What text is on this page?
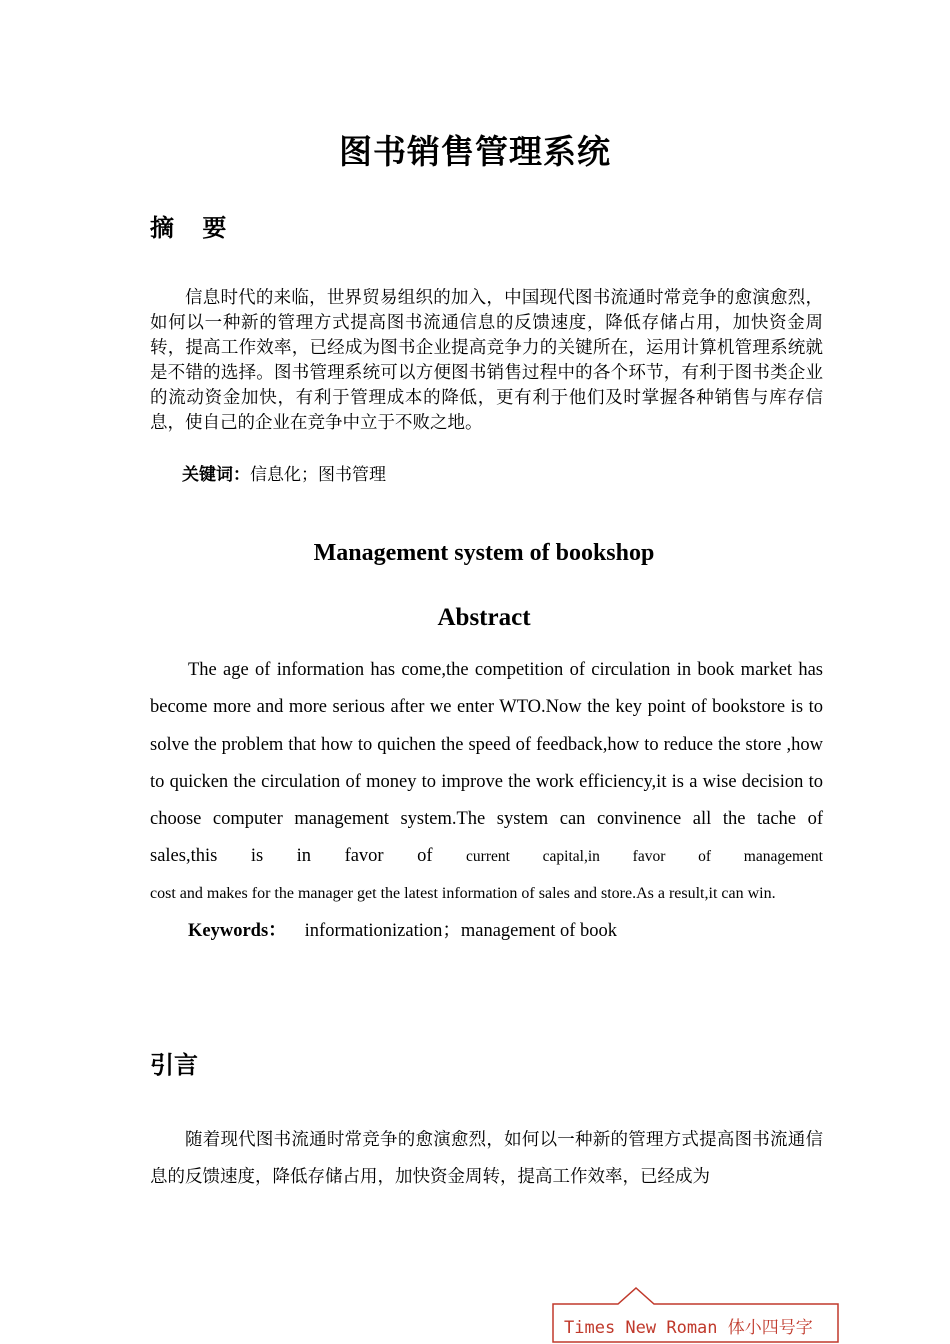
图书销售管理系统
摘 要

信息时代的来临，世界贸易组织的加入，中国现代图书流通时常竞争的愈演愈烈，如何以一种新的管理方式提高图书流通信息的反馈速度，降低存储占用，加快资金周转，提高工作效率，已经成为图书企业提高竞争力的关键所在，运用计算机管理系统就是不错的选择。图书管理系统可以方便图书销售过程中的各个环节，有利于图书类企业的流动资金加快，有利于管理成本的降低，更有利于他们及时掌握各种销售与库存信息，使自己的企业在竞争中立于不败之地。

关键词：信息化；图书管理
Management system of bookshop
Abstract

The age of information has come,the competition of circulation in book market has become more and more serious after we enter WTO.Now the key point of bookstore is to solve the problem that how to quichen the speed of feedback,how to reduce the store ,how to quicken the circulation of money to improve the work efficiency,it is a wise decision to choose computer management system.The system can convinence all the tache of sales,this is in favor of current capital,in favor of management

cost and makes for the manager get the latest information of sales and store.As a result,it can win.

Keywords： informationization；management of book
引言

随着现代图书流通时常竞争的愈演愈烈，如何以一种新的管理方式提高图书流通信息的反馈速度，降低存储占用，加快资金周转，提高工作效率，已经成为

Times New Roman 体小四号字
